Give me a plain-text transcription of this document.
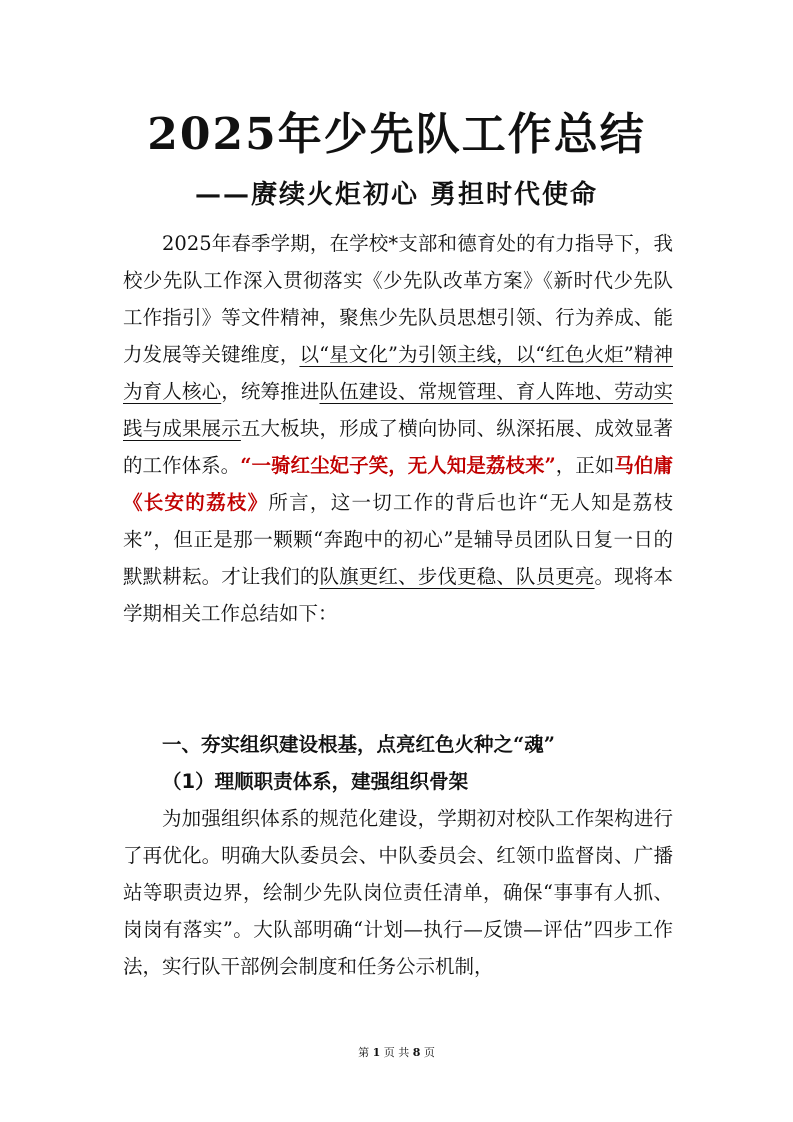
2025年少先队工作总结
——赓续火炬初心 勇担时代使命

2025年春季学期，在学校*支部和德育处的有力指导下，我校少先队工作深入贯彻落实《少先队改革方案》《新时代少先队工作指引》等文件精神，聚焦少先队员思想引领、行为养成、能力发展等关键维度，以“星文化”为引领主线，以“红色火炬”精神为育人核心，统筹推进队伍建设、常规管理、育人阵地、劳动实践与成果展示五大板块，形成了横向协同、纵深拓展、成效显著的工作体系。“一骑红尘妃子笑，无人知是荔枝来”，正如马伯庸《长安的荔枝》所言，这一切工作的背后也许“无人知是荔枝来”，但正是那一颗颗“奔跑中的初心”是辅导员团队日复一日的默默耕耘。才让我们的队旗更红、步伐更稳、队员更亮。现将本学期相关工作总结如下：

一、夯实组织建设根基，点亮红色火种之“魂”
（1）理顺职责体系，建强组织骨架

为加强组织体系的规范化建设，学期初对校队工作架构进行了再优化。明确大队委员会、中队委员会、红领巾监督岗、广播站等职责边界，绘制少先队岗位责任清单，确保“事事有人抓、岗岗有落实”。大队部明确“计划—执行—反馈—评估”四步工作法，实行队干部例会制度和任务公示机制，

第 1 页 共 8 页
